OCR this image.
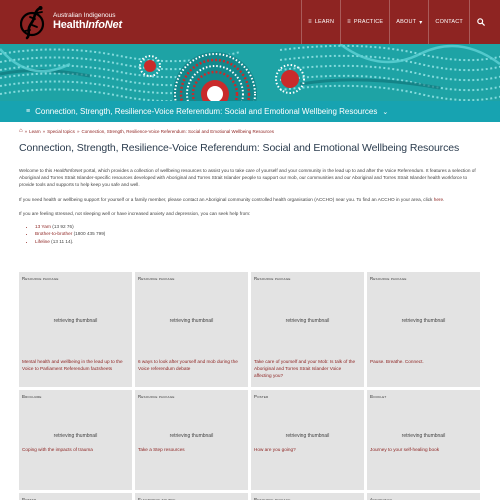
Australian Indigenous
HealthInfoNet	≡ LEARN ≡ PRACTICE ABOUT ▾ CONTACT
≡ Connection, Strength, Resilience-Voice Referendum: Social and Emotional Wellbeing Resources ⌄
⌂ » Learn » Special topics » Connection, Strength, Resilience-Voice Referendum: Social and Emotional Wellbeing Resources
Connection, Strength, Resilience-Voice Referendum: Social and Emotional Wellbeing Resources

Welcome to this HealthInfoNet portal, which provides a collection of wellbeing resources to assist you to take care of yourself and your community in the lead up to and after the Voice Referendum. It features a selection of Aboriginal and Torres Strait Islander-specific resources developed with Aboriginal and Torres Strait Islander people to support our mob, our communities and our Aboriginal and Torres Strait Islander health workforce to provide tools and supports to help keep you safe and well.

If you need health or wellbeing support for yourself or a family member, please contact an Aboriginal community controlled health organisation (ACCHO) near you. To find an ACCHO in your area, click here.

If you are feeling stressed, not sleeping well or have increased anxiety and depression, you can seek help from:

• 13 Yarn (13 92 76)
• Brother-to-brother (1800 435 799)
• Lifeline (13 11 14).
Resource package
retrieving thumbnail
Mental health and wellbeing in the lead up to the Voice to Parliament Referendum factsheets
Resource package
retrieving thumbnail
6 ways to look after yourself and mob during the Voice referendum debate
Resource package
retrieving thumbnail
Take care of yourself and your Mob: Is talk of the Aboriginal and Torres Strait Islander Voice affecting you?
Resource package
retrieving thumbnail
Pause. Breathe. Connect.
Brochure
retrieving thumbnail
Coping with the impacts of trauma
Resource package
retrieving thumbnail
Take a Step resources
Poster
retrieving thumbnail
How are you going?
Booklet
retrieving thumbnail
Journey to your self-healing book
Poster	Electronic source	Resource package	Audiovisual
